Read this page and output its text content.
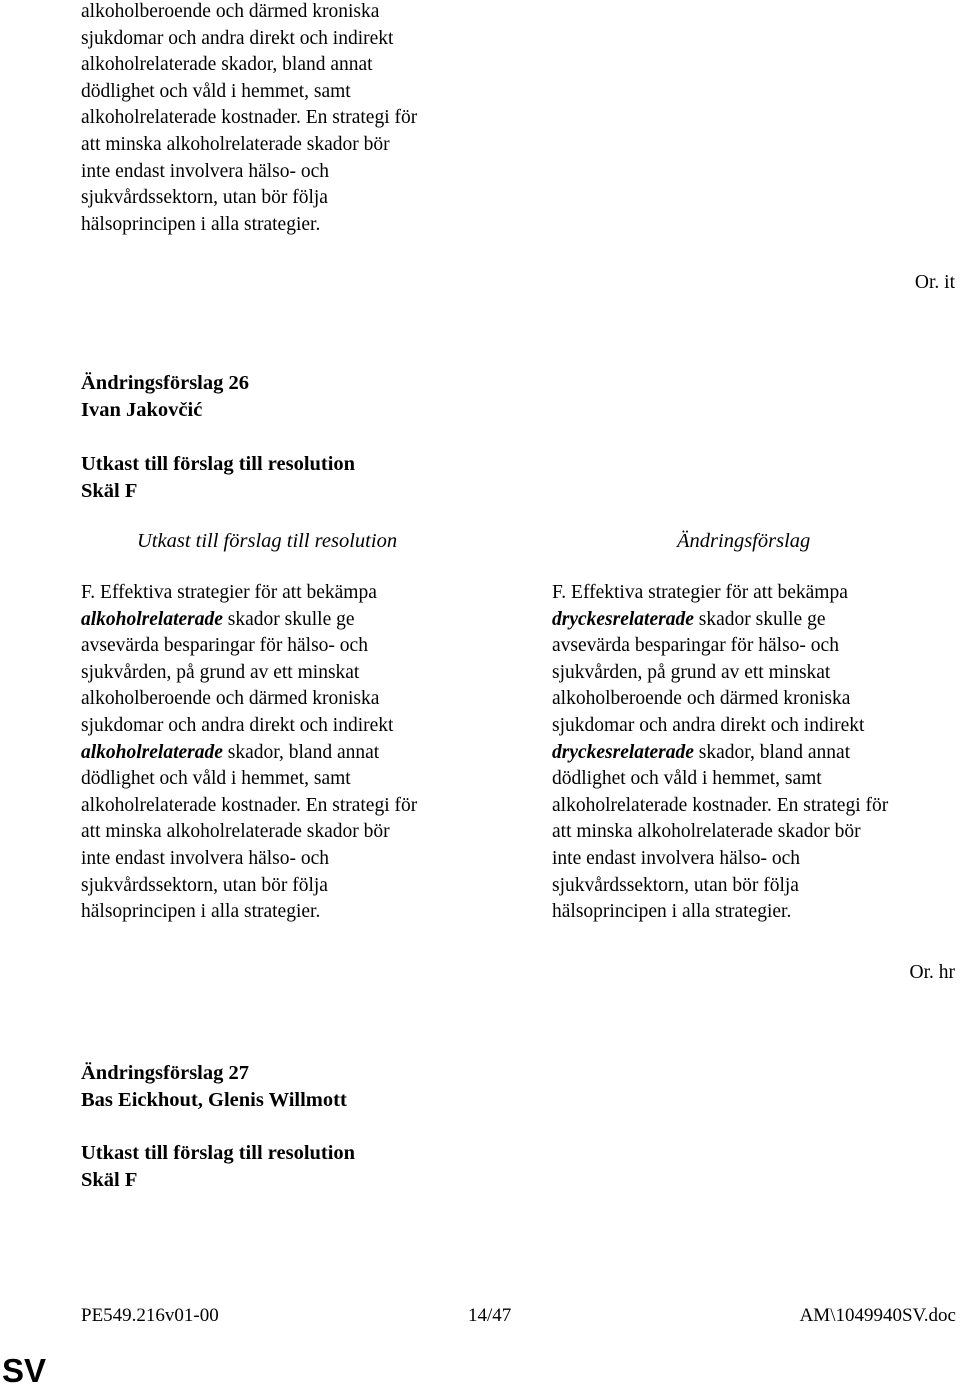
alkoholberoende och därmed kroniska

sjukdomar och andra direkt och indirekt

alkoholrelaterade skador, bland annat

dödlighet och våld i hemmet, samt

alkoholrelaterade kostnader. En strategi för

att minska alkoholrelaterade skador bör

inte endast involvera hälso- och

sjukvårdssektorn, utan bör följa

hälsoprincipen i alla strategier.

Or. it
Ändringsförslag 26
Ivan Jakovčić
Utkast till förslag till resolution
Skäl F
Utkast till förslag till resolution	Ändringsförslag

F. Effektiva strategier för att bekämpa

alkoholrelaterade skador skulle ge

avsevärda besparingar för hälso- och

sjukvården, på grund av ett minskat

alkoholberoende och därmed kroniska

sjukdomar och andra direkt och indirekt

alkoholrelaterade skador, bland annat

dödlighet och våld i hemmet, samt

alkoholrelaterade kostnader. En strategi för

att minska alkoholrelaterade skador bör

inte endast involvera hälso- och

sjukvårdssektorn, utan bör följa

hälsoprincipen i alla strategier.

F. Effektiva strategier för att bekämpa

dryckesrelaterade skador skulle ge

avsevärda besparingar för hälso- och

sjukvården, på grund av ett minskat

alkoholberoende och därmed kroniska

sjukdomar och andra direkt och indirekt

dryckesrelaterade skador, bland annat

dödlighet och våld i hemmet, samt

alkoholrelaterade kostnader. En strategi för

att minska alkoholrelaterade skador bör

inte endast involvera hälso- och

sjukvårdssektorn, utan bör följa

hälsoprincipen i alla strategier.

Or. hr
Ändringsförslag 27
Bas Eickhout, Glenis Willmott
Utkast till förslag till resolution
Skäl F
PE549.216v01-00	14/47	AM\1049940SV.doc
SV
